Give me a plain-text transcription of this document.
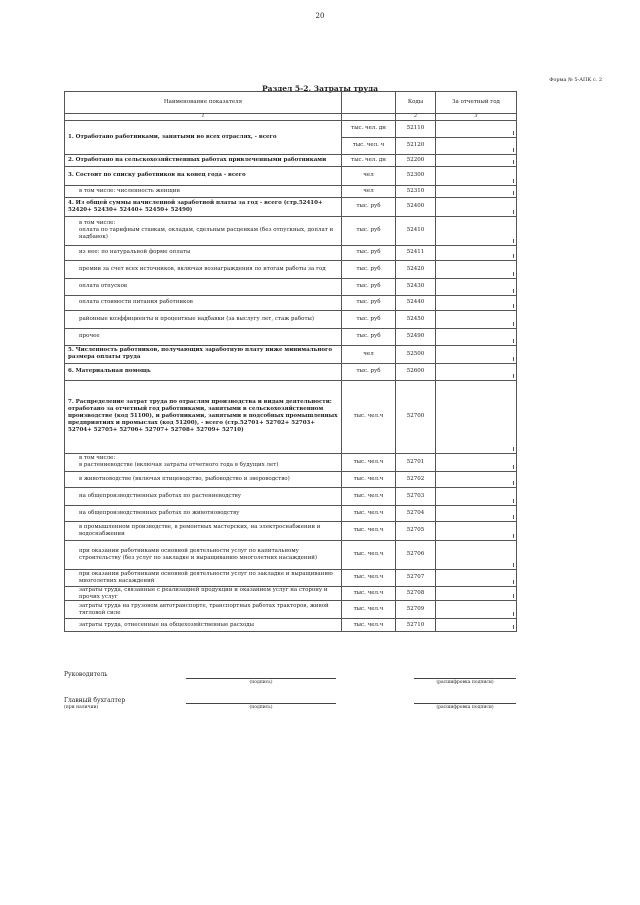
20
Форма № 5-АПК с. 2
Раздел 5-2. Затраты труда
Наименование показателя		Коды	За отчетный год
1		2	3
1. Отработано работниками, занятыми во всех отраслях, - всего	тыс. чел. дн	52110	
	тыс. чел. ч	52120	
2. Отработано на сельскохозяйственных работах привлеченными работниками	тыс. чел. дн	52200	
3. Состоит по списку работников на конец года - всего	чел	52300	
в том числе: численность женщин	чел	52310	
4. Из общей суммы начисленной заработной платы за год - всего (стр.52410+ 52420+ 52430+ 52440+ 52450+ 52490)	тыс. руб	52400	
в том числе:
оплата по тарифным ставкам, окладам, сдельным расценкам (без отпускных, доплат и надбавок)	тыс. руб	52410	
из нее: по натуральной форме оплаты	тыс. руб	52411	
премии за счет всех источников, включая вознаграждения по итогам работы за год	тыс. руб	52420	
оплата отпусков	тыс. руб	52430	
оплата стоимости питания работников	тыс. руб	52440	
районные коэффициенты и процентные надбавки (за выслугу лет, стаж работы)	тыс. руб	52450	
прочее	тыс. руб	52490	
5. Численность работников, получающих заработную плату ниже минимального размера оплаты труда	чел	52500	
6. Материальная помощь	тыс. руб	52600	
7. Распределение затрат труда по отраслям производства и видам деятельности:
отработано за отчетный год работниками, занятыми в сельскохозяйственном производстве (код 51100), и работниками, занятыми в подсобных промышленных предприятиях и промыслах (код 51200), - всего (стр.52701+ 52702+ 52703+ 52704+ 52705+ 52706+ 52707+ 52708+ 52709+ 52710)	тыс. чел.ч	52700	
в том числе:
в растениеводстве (включая затраты отчетного года в будущих лет)	тыс. чел.ч	52701	
в животноводстве (включая птицеводство, рыбоводство и звероводство)	тыс. чел.ч	52702	
на общепроизводственных работах по растениеводству	тыс. чел.ч	52703	
на общепроизводственных работах по животноводству	тыс. чел.ч	52704	
в промышленном производстве, в ремонтных мастерских, на электроснабжении и водоснабжении	тыс. чел.ч	52705	
при оказании работниками основной деятельности услуг по капитальному строительству (без услуг по закладке и выращиванию многолетних насаждений)	тыс. чел.ч	52706	
при оказании работниками основной деятельности услуг по закладке и выращиванию многолетних насаждений	тыс. чел.ч	52707	
затраты труда, связанные с реализацией продукции и оказанием услуг на сторону и прочих услуг	тыс. чел.ч	52708	
затраты труда на грузовом автотранспорте, транспортных работах тракторов, живой тягловой силе	тыс. чел.ч	52709	
затраты труда, отнесенные на общехозяйственные расходы	тыс. чел.ч	52710	
Руководитель
(подпись)	(расшифровка подписи)
Главный бухгалтер
(при наличии)	(подпись)	(расшифровка подписи)
